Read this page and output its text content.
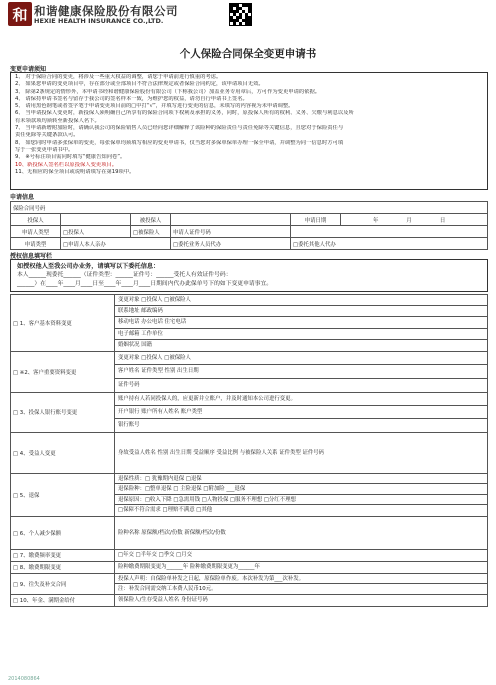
和 和谐健康保险股份有限公司
HEXIE HEALTH INSURANCE CO.,LTD.
个人保险合同保全变更申请书
变更申请须知
1、 对于保险合同的变更，将涉及一些重大权益的调整，请您于申请前进行慎重的考虑。
2、 如果您申请的变更项目中，存在部分或全部项目不符合法律规定或者保险合同约定，该申请项目无效。
3、 除第2条规定的情形外，本申请书经和谐健康保险股份有限公司（下称我公司）加盖业务专用章后，方可作为变更申请的依据。
4、 请保持申请书签名与留存于我公司的签名样本一致，为维护您的权益，请勿自行申请书上签名。
5、 请用黑色钢笔或者签字笔于申请变更项目前的□中打“√”，并填写进行变更的信息，未填写的内容视为未申请调整。
6、 当申请投保人变更时，新投保人须明确自己所享有的保险合同项下权利及承担的义务，同时，原投保人所有的权利、义务、欠缴与利息以及所
有未领款项均须转至新投保人名下。
7、 当申请新增附加险时，请确认我公司的保险销售人员已经向您详细解释了该险种的保险责任与责任免除等关键信息，且您对于保险责任与
责任免除等关键条款认可。
8、 如您同时申请多张保单的变更，每张保单均须填写相应的变更申请书，仅当您对多保单保单办理一保全申请，并调整为同一信息时方可填
写于一张变更申请书中。
9、 ※号标注项目需同时填写“健康告知问卷”。
10、新投保人签名栏以原投保人变更项目。
11、无相应的保全项目或说明请填写在第19项中。
申请信息
保险合同号码					
投保人		被投保人		申请日期	年 月 日
申请人类型	□投保人	□被保险人	申请人证件号码		
申请类型	□申请人本人亲办		□委托业务人员代办	□委托其他人代办	
授权信息填写栏
如授权他人至我公司办业务，请填写以下委托信息：
本人______现委托______（证件类型：______证件号：______受托人有效证件号码：
______）在____年____月____日至____年____月____日期间内代办此保单号下的如下变更申请事宜。
□ 1、客户基本资料变更	变更对象 □投保人 □被保险人
联系地址 邮政编码
移动电话 办公电话 住宅电话
电子邮箱 工作单位
婚姻状况 国籍

□ ※2、客户重要资料变更	变更对象 □投保人 □被保险人
客户姓名 证件类型 性别 出生日期
证件号码

□ 3、投保人银行账号变更	账户持有人若同投保人的，应更新并立账户，并及时通知本公司进行变更。
开户银行 账户所有人姓名 账户类型
银行账号

□ 4、受益人变更	身故受益人姓名 性别 出生日期 受益顺序 受益比例 与被保险人关系 证件类型 证件号码

□ 5、退保	退保性质：□ 犹豫期内退保 □退保
退保险种：□整单退保 □ 主险退保 □附加险 ___退保
退保原因：□收入下降 □急需用钱 □人物投保 □服务不理想 □分红不理想
□保障不符合需求 □理赔不满意 □其他

□ 6、个人减少保额	险种名称 原保额/档次/份数 新保额/档次/份数

□ 7、缴费频率变更	□年交 □半年交 □季交 □月交

□ 8、缴费期限变更	险种缴费期限变更为______年 险种缴费期限变更为______年

□ 9、往失及补交合同	投保人声明：自保险单补发之日起，原保险单作废。本次补发为第___次补发。
注：补发合同需交纳工本费人民币10元。

□ 10、年金、满期金给付	领保险人/生存受益人姓名 身份证号码
2014080864
